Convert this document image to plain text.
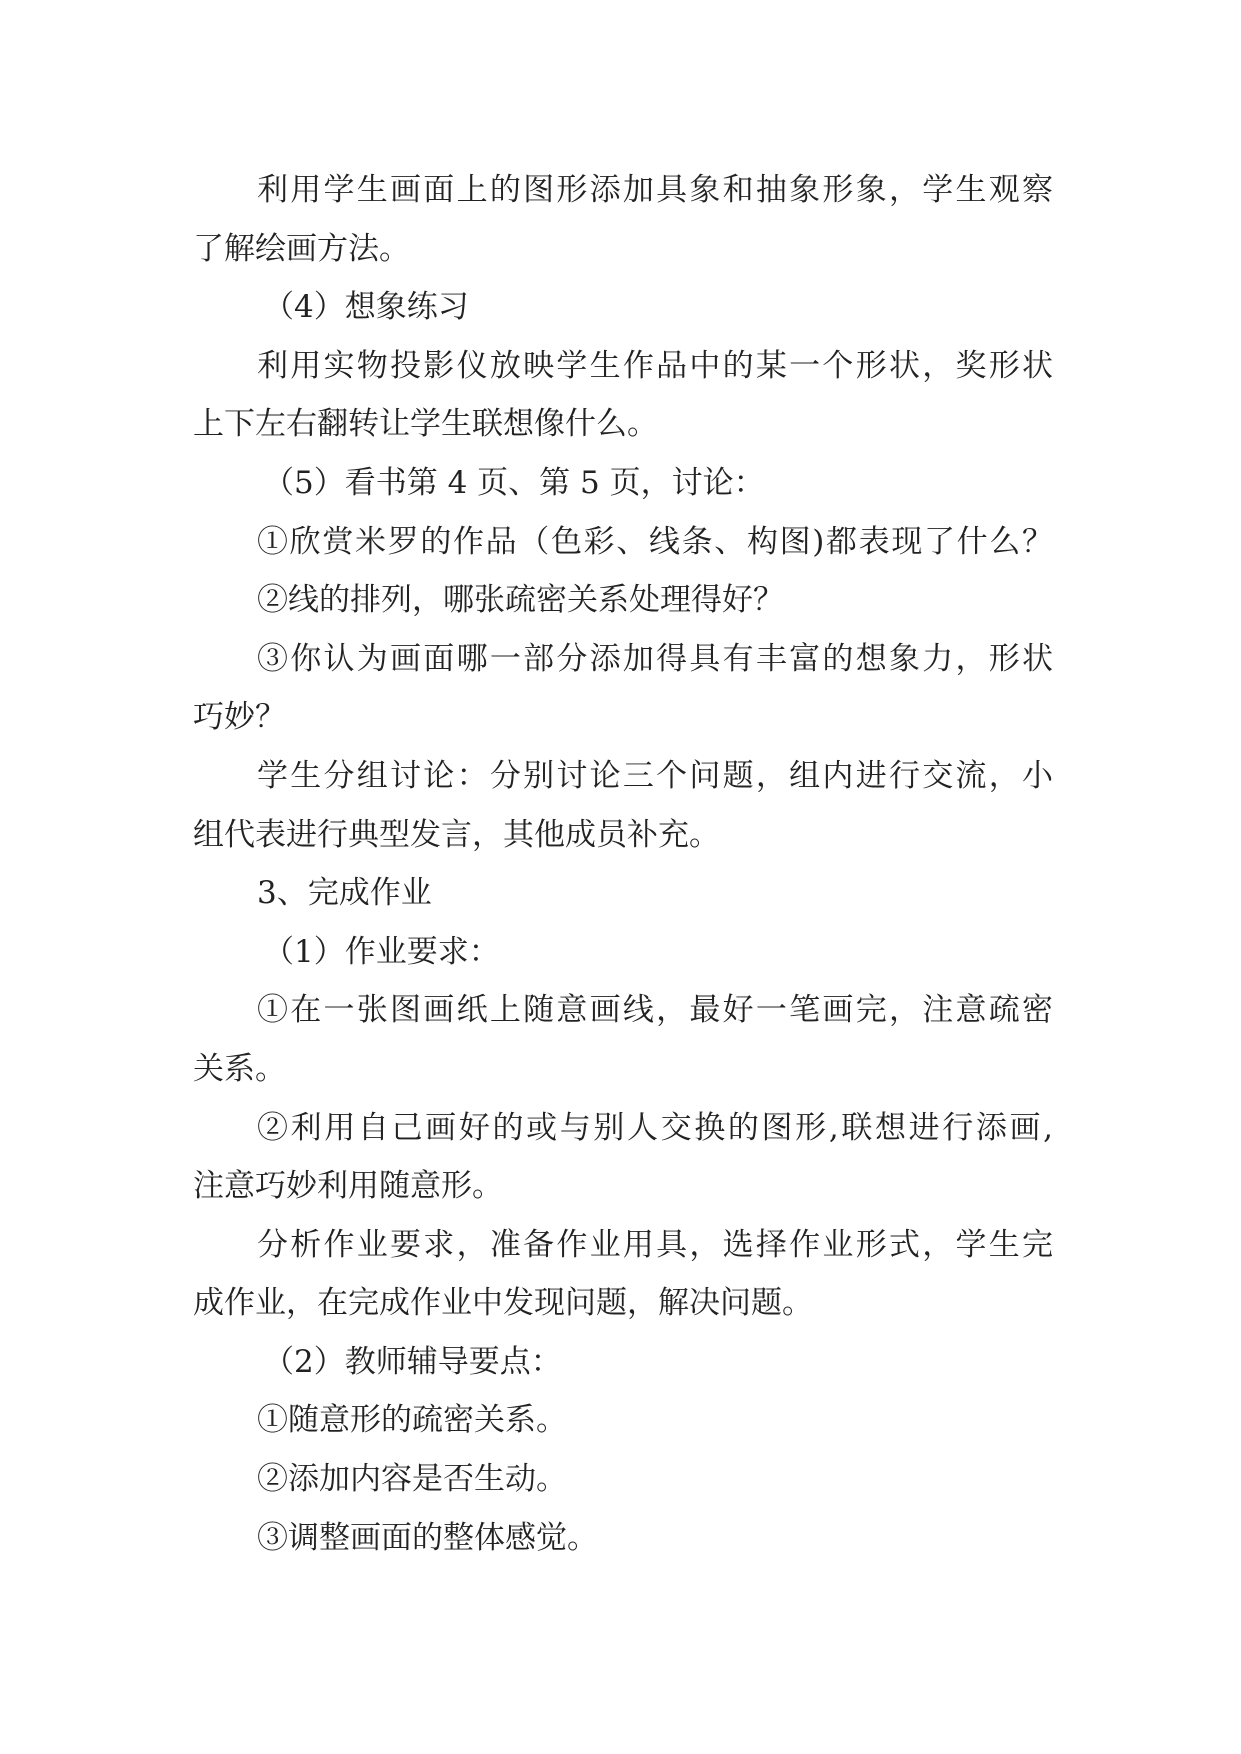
利用学生画面上的图形添加具象和抽象形象，学生观察
了解绘画方法。
（4）想象练习
利用实物投影仪放映学生作品中的某一个形状，奖形状
上下左右翻转让学生联想像什么。
（5）看书第 4 页、第 5 页，讨论：
①欣赏米罗的作品（色彩、线条、构图)都表现了什么？
②线的排列，哪张疏密关系处理得好？
③你认为画面哪一部分添加得具有丰富的想象力，形状
巧妙？
学生分组讨论：分别讨论三个问题，组内进行交流，小
组代表进行典型发言，其他成员补充。
3、完成作业
（1）作业要求：
①在一张图画纸上随意画线，最好一笔画完，注意疏密
关系。
②利用自己画好的或与别人交换的图形,联想进行添画,
注意巧妙利用随意形。
分析作业要求，准备作业用具，选择作业形式，学生完
成作业，在完成作业中发现问题，解决问题。
（2）教师辅导要点：
①随意形的疏密关系。
②添加内容是否生动。
③调整画面的整体感觉。
